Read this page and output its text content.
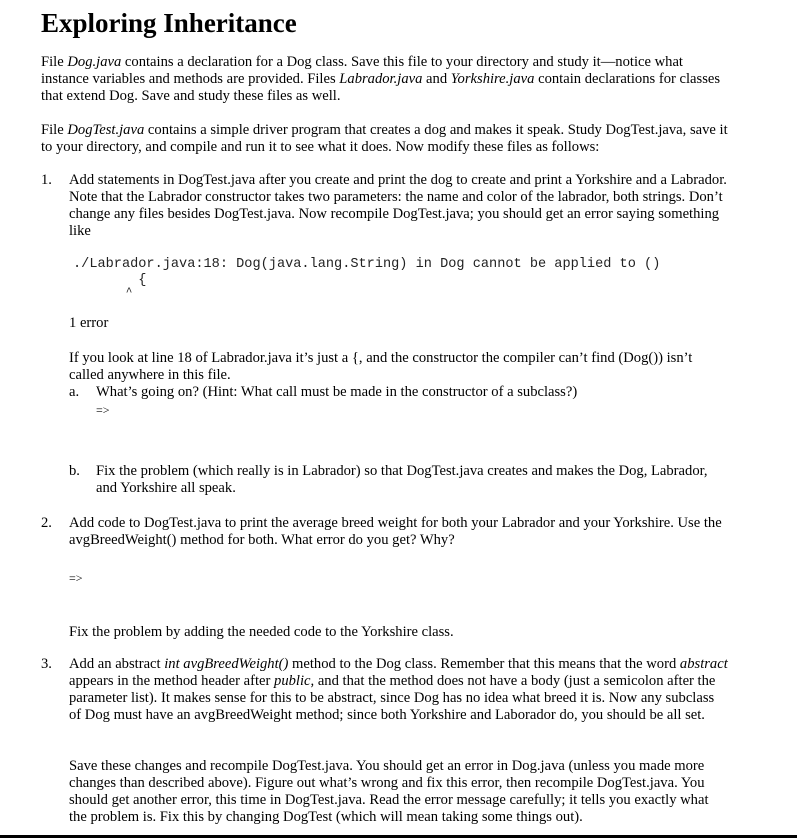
Exploring Inheritance

File Dog.java contains a declaration for a Dog class. Save this file to your directory and study it—notice what instance variables and methods are provided. Files Labrador.java and Yorkshire.java contain declarations for classes that extend Dog. Save and study these files as well.

File DogTest.java contains a simple driver program that creates a dog and makes it speak. Study DogTest.java, save it to your directory, and compile and run it to see what it does. Now modify these files as follows:

1.	Add statements in DogTest.java after you create and print the dog to create and print a Yorkshire and a Labrador. Note that the Labrador constructor takes two parameters: the name and color of the labrador, both strings. Don’t change any files besides DogTest.java. Now recompile DogTest.java; you should get an error saying something like

./Labrador.java:18: Dog(java.lang.String) in Dog cannot be applied to ()
{
^

1 error

If you look at line 18 of Labrador.java it’s just a {, and the constructor the compiler can’t find (Dog()) isn’t called anywhere in this file.

a.	What’s going on? (Hint: What call must be made in the constructor of a subclass?)

=>
b.	Fix the problem (which really is in Labrador) so that DogTest.java creates and makes the Dog, Labrador, and Yorkshire all speak.

2.	Add code to DogTest.java to print the average breed weight for both your Labrador and your Yorkshire. Use the avgBreedWeight() method for both. What error do you get? Why?

=>

Fix the problem by adding the needed code to the Yorkshire class.

3.	Add an abstract int avgBreedWeight() method to the Dog class. Remember that this means that the word abstract appears in the method header after public, and that the method does not have a body (just a semicolon after the parameter list). It makes sense for this to be abstract, since Dog has no idea what breed it is. Now any subclass of Dog must have an avgBreedWeight method; since both Yorkshire and Laborador do, you should be all set.

Save these changes and recompile DogTest.java. You should get an error in Dog.java (unless you made more changes than described above). Figure out what’s wrong and fix this error, then recompile DogTest.java. You should get another error, this time in DogTest.java. Read the error message carefully; it tells you exactly what the problem is. Fix this by changing DogTest (which will mean taking some things out).
